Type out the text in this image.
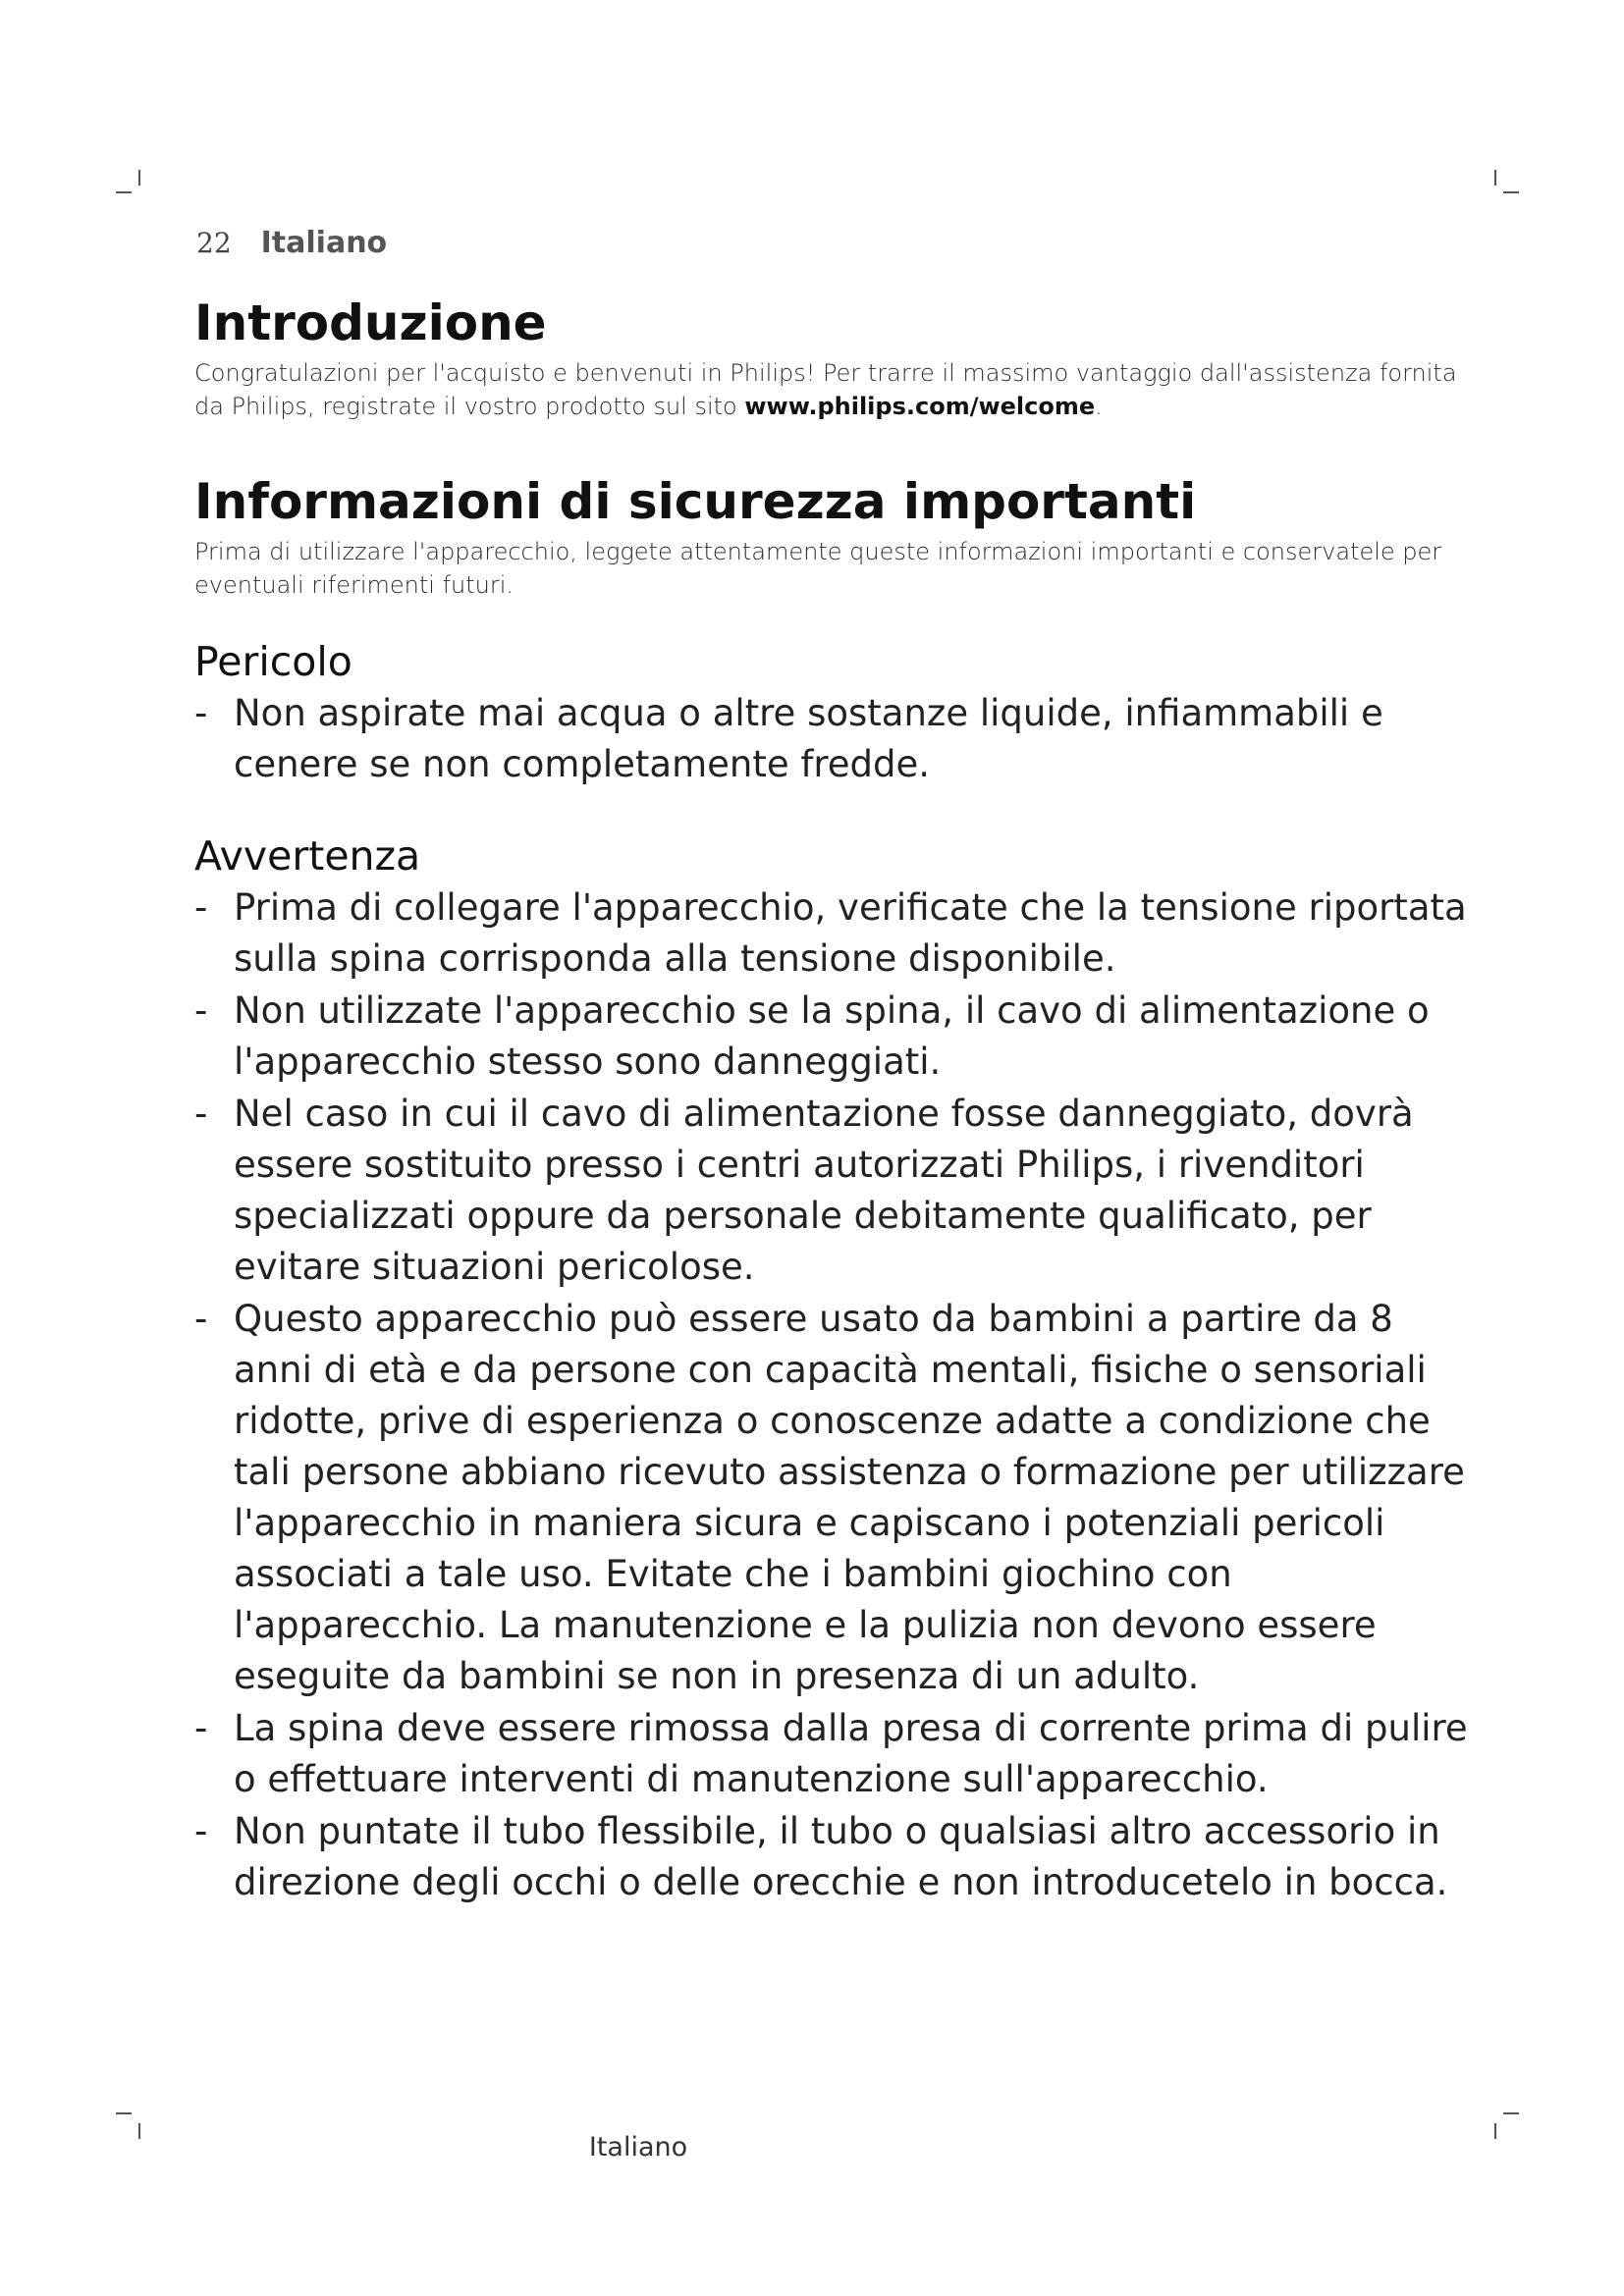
22 Italiano
Introduzione

Congratulazioni per l'acquisto e benvenuti in Philips! Per trarre il massimo vantaggio dall'assistenza fornita da Philips, registrate il vostro prodotto sul sito www.philips.com/welcome.

Informazioni di sicurezza importanti

Prima di utilizzare l'apparecchio, leggete attentamente queste informazioni importanti e conservatele per eventuali riferimenti futuri.

Pericolo
- Non aspirate mai acqua o altre sostanze liquide, infiammabili e cenere se non completamente fredde.
Avvertenza
- Prima di collegare l'apparecchio, verificate che la tensione riportata sulla spina corrisponda alla tensione disponibile.
- Non utilizzate l'apparecchio se la spina, il cavo di alimentazione o l'apparecchio stesso sono danneggiati.
- Nel caso in cui il cavo di alimentazione fosse danneggiato, dovrà essere sostituito presso i centri autorizzati Philips, i rivenditori specializzati oppure da personale debitamente qualificato, per evitare situazioni pericolose.
- Questo apparecchio può essere usato da bambini a partire da 8 anni di età e da persone con capacità mentali, fisiche o sensoriali ridotte, prive di esperienza o conoscenze adatte a condizione che tali persone abbiano ricevuto assistenza o formazione per utilizzare l'apparecchio in maniera sicura e capiscano i potenziali pericoli associati a tale uso. Evitate che i bambini giochino con l'apparecchio. La manutenzione e la pulizia non devono essere eseguite da bambini se non in presenza di un adulto.
- La spina deve essere rimossa dalla presa di corrente prima di pulire o effettuare interventi di manutenzione sull'apparecchio.
- Non puntate il tubo flessibile, il tubo o qualsiasi altro accessorio in direzione degli occhi o delle orecchie e non introducetelo in bocca.
Italiano
